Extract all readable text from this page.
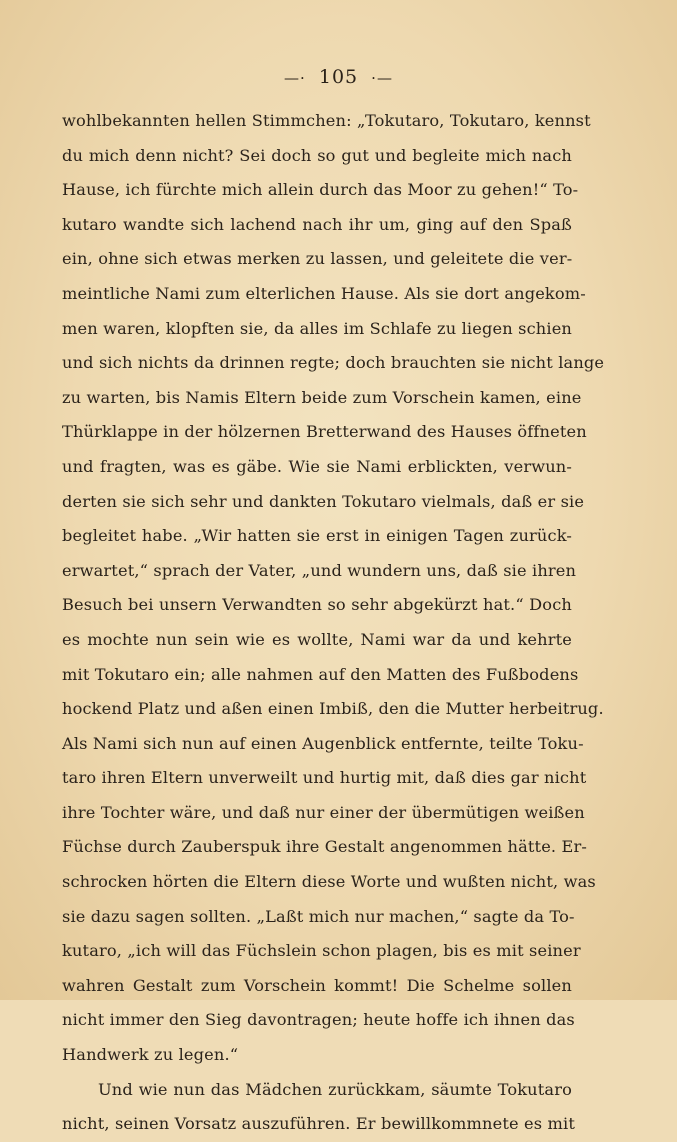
—· 105 ·—
wohlbekannten hellen Stimmchen: „Tokutaro, Tokutaro, kennst
du mich denn nicht? Sei doch so gut und begleite mich nach
Hause, ich fürchte mich allein durch das Moor zu gehen!“ To-
kutaro wandte sich lachend nach ihr um, ging auf den Spaß
ein, ohne sich etwas merken zu lassen, und geleitete die ver-
meintliche Nami zum elterlichen Hause. Als sie dort angekom-
men waren, klopften sie, da alles im Schlafe zu liegen schien
und sich nichts da drinnen regte; doch brauchten sie nicht lange
zu warten, bis Namis Eltern beide zum Vorschein kamen, eine
Thürklappe in der hölzernen Bretterwand des Hauses öffneten
und fragten, was es gäbe. Wie sie Nami erblickten, verwun-
derten sie sich sehr und dankten Tokutaro vielmals, daß er sie
begleitet habe. „Wir hatten sie erst in einigen Tagen zurück-
erwartet,“ sprach der Vater, „und wundern uns, daß sie ihren
Besuch bei unsern Verwandten so sehr abgekürzt hat.“ Doch
es mochte nun sein wie es wollte, Nami war da und kehrte
mit Tokutaro ein; alle nahmen auf den Matten des Fußbodens
hockend Platz und aßen einen Imbiß, den die Mutter herbeitrug.
Als Nami sich nun auf einen Augenblick entfernte, teilte Toku-
taro ihren Eltern unverweilt und hurtig mit, daß dies gar nicht
ihre Tochter wäre, und daß nur einer der übermütigen weißen
Füchse durch Zauberspuk ihre Gestalt angenommen hätte. Er-
schrocken hörten die Eltern diese Worte und wußten nicht, was
sie dazu sagen sollten. „Laßt mich nur machen,“ sagte da To-
kutaro, „ich will das Füchslein schon plagen, bis es mit seiner
wahren Gestalt zum Vorschein kommt! Die Schelme sollen
nicht immer den Sieg davontragen; heute hoffe ich ihnen das
Handwerk zu legen.“
Und wie nun das Mädchen zurückkam, säumte Tokutaro
nicht, seinen Vorsatz auszuführen. Er bewillkommnete es mit
